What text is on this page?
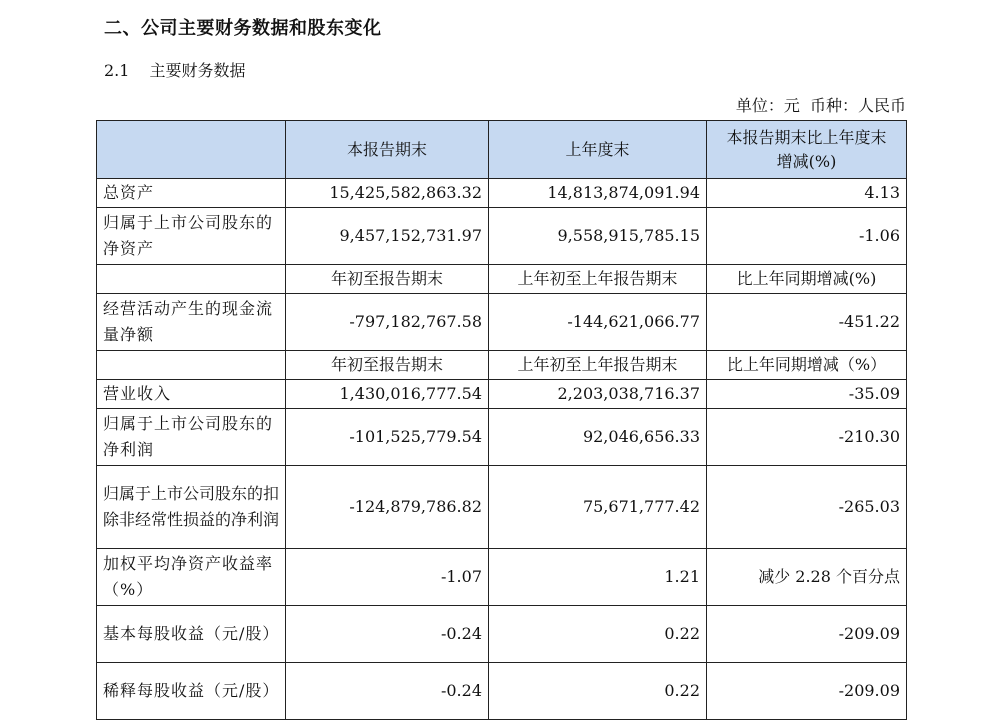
二、公司主要财务数据和股东变化
2.1 主要财务数据
单位：元  币种：人民币
	本报告期末	上年度末	本报告期末比上年度末增减(%)
总资产	15,425,582,863.32	14,813,874,091.94	4.13
归属于上市公司股东的净资产	9,457,152,731.97	9,558,915,785.15	-1.06
	年初至报告期末	上年初至上年报告期末	比上年同期增减(%)
经营活动产生的现金流量净额	-797,182,767.58	-144,621,066.77	-451.22
	年初至报告期末	上年初至上年报告期末	比上年同期增减（%）
营业收入	1,430,016,777.54	2,203,038,716.37	-35.09
归属于上市公司股东的净利润	-101,525,779.54	92,046,656.33	-210.30
归属于上市公司股东的扣除非经常性损益的净利润	-124,879,786.82	75,671,777.42	-265.03
加权平均净资产收益率（%）	-1.07	1.21	减少 2.28 个百分点
基本每股收益（元/股）	-0.24	0.22	-209.09
稀释每股收益（元/股）	-0.24	0.22	-209.09
